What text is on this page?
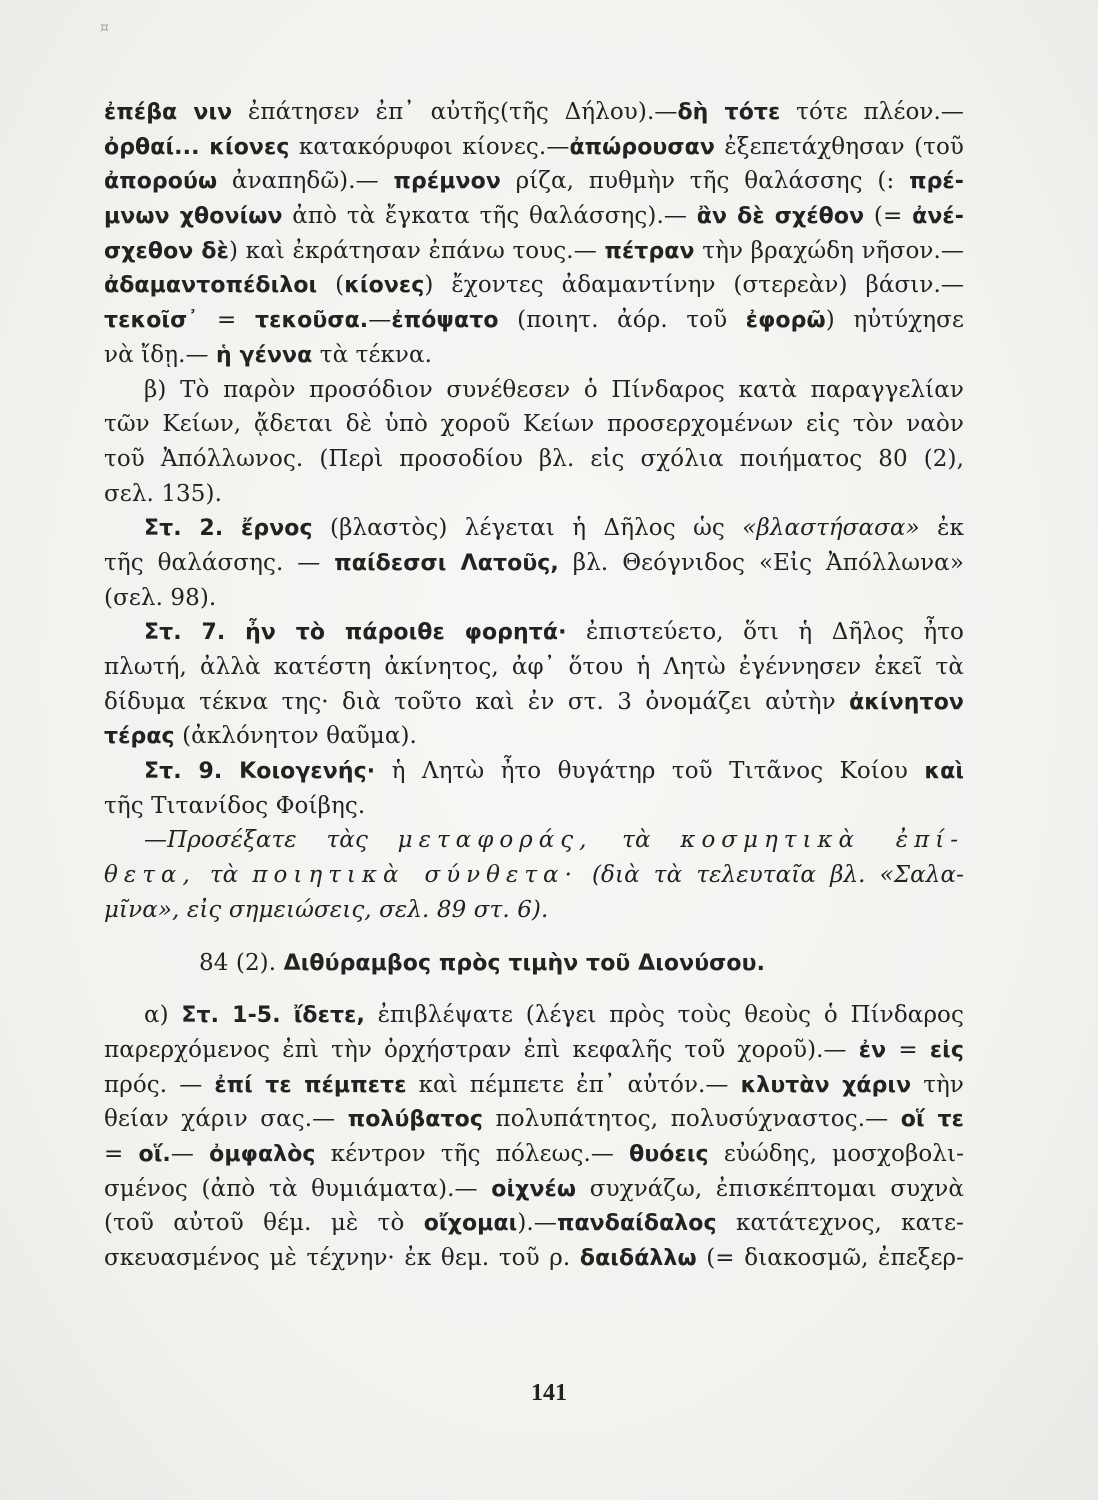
¤
ἐπέβα νιν ἐπάτησεν ἐπ᾿ αὐτῆς(τῆς Δήλου).—δὴ τότε τότε πλέον.—
ὀρθαί... κίονες κατακόρυφοι κίονες.—ἀπώρουσαν ἐξεπετάχθησαν (τοῦ
ἀπορούω ἀναπηδῶ).— πρέμνον ρίζα, πυθμὴν τῆς θαλάσσης (: πρέ-
μνων χθονίων ἀπὸ τὰ ἔγκατα τῆς θαλάσσης).— ἂν δὲ σχέθον (= ἀνέ-
σχεθον δὲ) καὶ ἐκράτησαν ἐπάνω τους.— πέτραν τὴν βραχώδη νῆσον.—
ἀδαμαντοπέδιλοι (κίονες) ἔχοντες ἀδαμαντίνην (στερεὰν) βάσιν.—
τεκοῖσ᾿ = τεκοῦσα.—ἐπόψατο (ποιητ. ἀόρ. τοῦ ἐφορῶ) ηὐτύχησε
νὰ ἴδῃ.— ἡ γέννα τὰ τέκνα.
β) Τὸ παρὸν προσόδιον συνέθεσεν ὁ Πίνδαρος κατὰ παραγγελίαν
τῶν Κείων, ᾄδεται δὲ ὑπὸ χοροῦ Κείων προσερχομένων εἰς τὸν ναὸν
τοῦ Ἀπόλλωνος. (Περὶ προσοδίου βλ. εἰς σχόλια ποιήματος 80 (2),
σελ. 135).
Στ. 2. ἔρνος (βλαστὸς) λέγεται ἡ Δῆλος ὡς «βλαστήσασα» ἐκ
τῆς θαλάσσης. — παίδεσσι Λατοῦς, βλ. Θεόγνιδος «Εἰς Ἀπόλλωνα»
(σελ. 98).
Στ. 7. ἦν τὸ πάροιθε φορητά· ἐπιστεύετο, ὅτι ἡ Δῆλος ἦτο
πλωτή, ἀλλὰ κατέστη ἀκίνητος, ἀφ᾿ ὅτου ἡ Λητὼ ἐγέννησεν ἐκεῖ τὰ
δίδυμα τέκνα της· διὰ τοῦτο καὶ ἐν στ. 3 ὀνομάζει αὐτὴν ἀκίνητον
τέρας (ἀκλόνητον θαῦμα).
Στ. 9. Κοιογενής· ἡ Λητὼ ἦτο θυγάτηρ τοῦ Τιτᾶνος Κοίου καὶ
τῆς Τιτανίδος Φοίβης.
—Προσέξατε τὰς μεταφοράς, τὰ κοσμητικὰ ἐπί-
θετα, τὰ ποιητικὰ σύνθετα· (διὰ τὰ τελευταῖα βλ. «Σαλα-
μῖνα», εἰς σημειώσεις, σελ. 89 στ. 6).
84 (2). Διθύραμβος πρὸς τιμὴν τοῦ Διονύσου.
α) Στ. 1-5. ἴδετε, ἐπιβλέψατε (λέγει πρὸς τοὺς θεοὺς ὁ Πίνδαρος
παρερχόμενος ἐπὶ τὴν ὀρχήστραν ἐπὶ κεφαλῆς τοῦ χοροῦ).— ἐν = εἰς
πρός. — ἐπί τε πέμπετε καὶ πέμπετε ἐπ᾿ αὐτόν.— κλυτὰν χάριν τὴν
θείαν χάριν σας.— πολύβατος πολυπάτητος, πολυσύχναστος.— οἵ τε
= οἵ.— ὀμφαλὸς κέντρον τῆς πόλεως.— θυόεις εὐώδης, μοσχοβολι-
σμένος (ἀπὸ τὰ θυμιάματα).— οἰχνέω συχνάζω, ἐπισκέπτομαι συχνὰ
(τοῦ αὐτοῦ θέμ. μὲ τὸ οἴχομαι).—πανδαίδαλος κατάτεχνος, κατε-
σκευασμένος μὲ τέχνην· ἐκ θεμ. τοῦ ρ. δαιδάλλω (= διακοσμῶ, ἐπεξερ-
141
